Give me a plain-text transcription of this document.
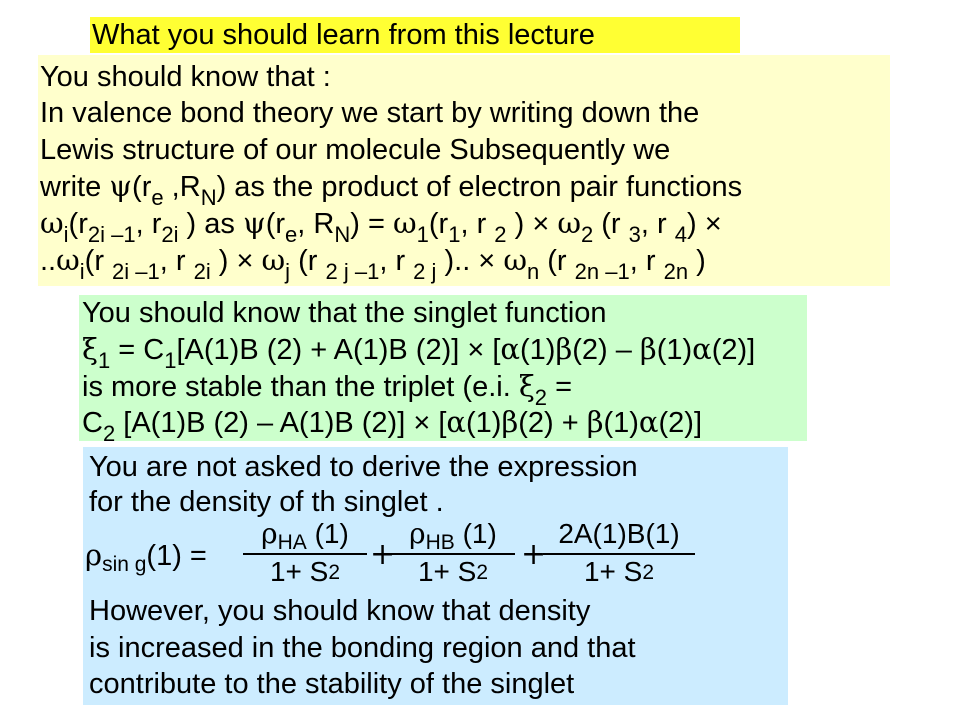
What you should learn from this lecture
You should know that :
In valence bond theory we start by writing down the
Lewis structure of our molecule Subsequently we
write $\psi(r_e$ $,R_N$) as the product of electron pair functions
$\omega_i(r_{2i}$ $_{-1}$, $r_{2i}$ ) as $\psi(r_e$, $R_N) = \omega_1(r_1$, r $_2$ ) × $\omega_2$ (r $_3$, r $_4$) ×
$..\omega_i(r$ $_{2i}$ $_{-1}$, r $_{2i}$ ) × $\omega_j$ (r $_{2 j}$ $_{-1}$, r $_{2 j}$ ).. × $\omega_n$ (r $_{2n}$ $_{-1}$, r $_{2n}$ )
You should know that the singlet function
$\xi_1 = C_1[A(1)B$ (2) + A(1)B (2)] × [α(1)β(2) – β(1)α(2)]
is more stable than the triplet (e.i. $\xi_2$ =
$C_2$ [A(1)B (2) – A(1)B (2)] × [α(1)β(2) + β(1)α(2)]
You are not asked to derive the expression
for the density of th singlet .
$\rho_{sin g}(1)$ =
$\rho_{HA}$ (1)
1+ S2
+
$\rho_{HB}$ (1)
1+ S2
+
2A(1)B(1)
1+ S2
However, you should know that density
is increased in the bonding region and that
contribute to the stability of the singlet
